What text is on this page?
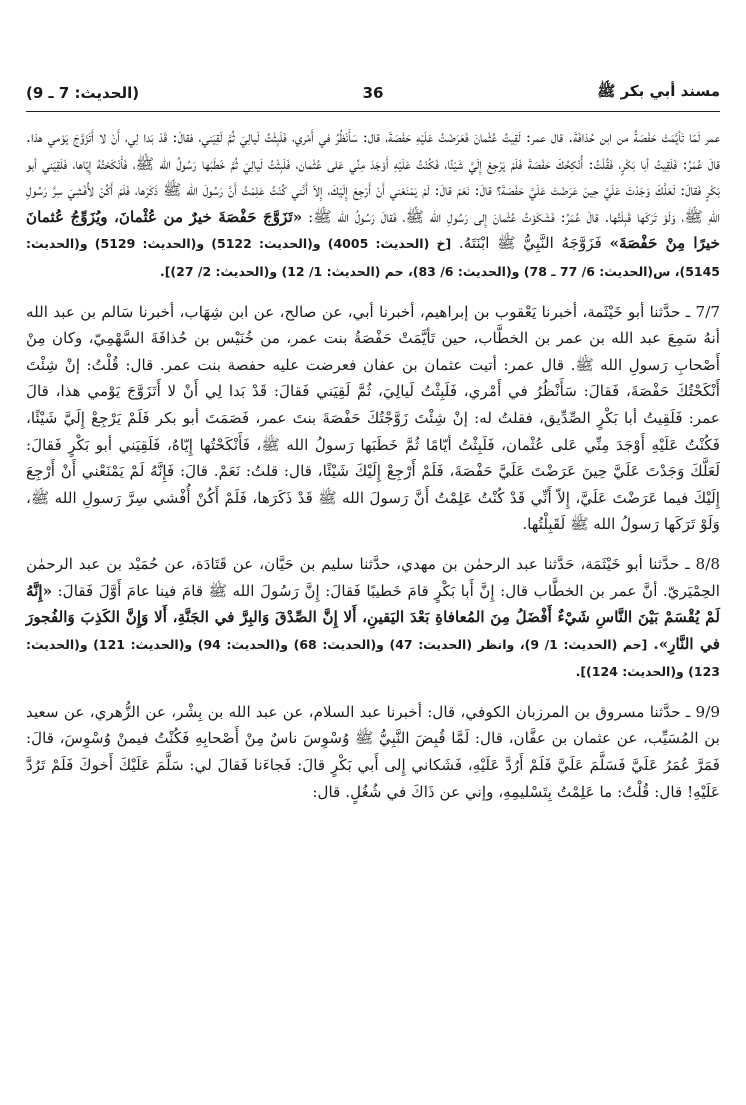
مسند أبي بكر ﷺ
36
(الحديث: 7 ـ 9)

عمر لَمّا تَأيَّمَتْ حَفْصَةُ من ابن حُذافَةَ. قال عمر: لَقِيتُ عُثْمانَ فَعَرَضْتُ عَلَيْهِ حَفْصَةَ، قال: سَأَنْظُرُ في أَمْري، فَلَبِثْتُ لَيالِيَ ثُمَّ لَقِيَني، فقالَ: قَدْ بَدا لِي، أَنْ لا أَتَزَوَّجَ يَوْمي هذا. قالَ عُمَرُ: فَلَقِيتُ أبا بَكْرٍ، فَقُلْتُ: أُنْكِحُكَ حَفْصَةَ فَلَمْ يَرْجِعْ إِلَيَّ شَيْئًا، فَكُنْتُ عَلَيْهِ أَوْجَدَ مِنِّي عَلى عُثْمان، فَلَبِثْتُ لَيالِيَ ثُمَّ خَطَبَها رَسُولُ الله ﷺ، فَأَنْكَحْتُهُ إِيّاها، فَلَقِيَني أبو بَكْرٍ فَقالَ: لَعَلَّكَ وَجَدْتَ عَلَيَّ حِينَ عَرَضْتَ عَلَيَّ حَفْصَةَ؟ قالَ: نَعَمْ قالَ: لَمْ يَمْنَعْني أَنْ أَرْجِعَ إِلَيْكَ، إِلاّ أَنَّني كُنْتُ عَلِمْتُ أَنَّ رَسُولَ الله ﷺ ذَكَرَها، فَلَمْ أَكُنْ لأُفْشِيَ سِرَّ رَسُولِ اللهِ ﷺ، وَلَوْ تَرَكَها قَبِلْتُها. قالَ عُمَرُ: فَشَكَوْتُ عُثْمانَ إِلى رَسُولِ الله ﷺ، فَقالَ رَسُولُ الله ﷺ: «تَزَوَّجَ حَفْصَةَ خيرٌ من عُثْمانَ، ويُزَوِّجُ عُثمانَ خيرًا مِنْ حَفْصَةَ» فَزَوَّجَهُ النَّبِيُّ ﷺ ابْنَتَهُ. [خ (الحديث: 4005) و(الحديث: 5122) و(الحديث: 5129) و(الحديث: 5145)، س(الحديث: 6/ 77 ـ 78) و(الحديث: 6/ 83)، حم (الحديث: 1/ 12) و(الحديث: 2/ 27)].

7/7 ـ حدَّثنا أبو خَيْثَمة، أخبرنا يَعْقوب بن إبراهيم، أخبرنا أبي، عن صالح، عن ابن شِهَاب، أخبرنا سَالم بن عبد الله أنهُ سَمِعَ عبد الله بن عمر بن الخطَّاب، حين تَأيَّمَتْ حَفْصَةُ بنت عمر، من خُنَيْس بن حُذافَةَ السَّهْمِيّ، وكان مِنْ أَصْحابِ رَسولِ الله ﷺ. قال عمر: أتيت عثمان بن عفان فعرضت عليه حفصة بنت عمر. قال: قُلْتُ: إنْ شِئْتَ أَنْكَحْتُكَ حَفْصَةَ، فَقالَ: سَأَنْظُرُ في أَمْري، فَلَبِثْتُ لَيالِيَ، ثُمَّ لَقِيَني فَقالَ: قَدْ بَدا لِي أَنْ لا أَتَزَوَّجَ يَوْمي هذا، قالَ عمر: فَلَقِيتُ أبا بَكْرٍ الصِّدِّيق، فقلتُ له: إنْ شِئْتَ زَوَّجْتُكَ حَفْصَةَ بنتَ عمر، فَصَمَتَ أبو بكر فَلَمْ يَرْجِعْ إِلَيَّ شَيْئًا، فَكُنْتُ عَلَيْهِ أَوْجَدَ مِنِّي عَلى عُثْمان، فَلَبِثْتُ أيّامًا ثُمَّ خَطَبَها رَسولُ الله ﷺ، فَأَنْكَحْتُها إِيّاهُ، فَلَقِيَني أبو بَكْرٍ فَقالَ: لَعَلَّكَ وَجَدْتَ عَلَيَّ حِينَ عَرَضْتَ عَلَيَّ حَفْصَةَ، فَلَمْ أَرْجِعْ إِلَيْكَ شَيْئًا، قال: قلتُ: نَعَمْ. قالَ: فَإِنَّهُ لَمْ يَمْنَعْني أَنْ أَرْجِعَ إِلَيْكَ فيما عَرَضْتَ عَلَيَّ، إِلاّ أَنِّي قَدْ كُنْتُ عَلِمْتُ أَنَّ رَسولَ الله ﷺ قَدْ ذَكَرَها، فَلَمْ أَكُنْ أُفْشي سِرَّ رَسولِ الله ﷺ، وَلَوْ تَرَكَها رَسولُ الله ﷺ لَقَبِلْتُها.

8/8 ـ حدَّثنا أبو خَيْثَمَة، حَدَّثنا عبد الرحمٰن بن مهدي، حدَّثنا سليم بن حَيَّان، عن قَتَادَة، عن حُمَيْد بن عبد الرحمٰن الحِمْيَريّ. أنَّ عمر بن الخطَّاب قال: إِنَّ أَبا بَكْرٍ قامَ خَطيبًا فَقالَ: إِنَّ رَسُولَ الله ﷺ قامَ فينا عامَ أَوَّلَ فَقالَ: «إِنَّهُ لَمْ يُقْسَمْ بَيْنَ النَّاسِ شَيْءٌ أَفْضَلُ مِنَ المُعافاةِ بَعْدَ اليَقينِ، أَلا إِنَّ الصِّدْقَ وَالبِرَّ في الجَنَّةِ، أَلا وَإِنَّ الكَذِبَ وَالفُجورَ في النَّارِ». [حم (الحديث: 1/ 9)، وانظر (الحديث: 47) و(الحديث: 68) و(الحديث: 94) و(الحديث: 121) و(الحديث: 123) و(الحديث: 124)].

9/9 ـ حدَّثنا مسروق بن المرزبان الكوفي، قال: أخبرنا عبد السلام، عن عبد الله بن بِشْر، عن الزُّهري، عن سعيد بن المُسَيِّب، عن عثمان بن عفَّان، قال: لَمَّا قُبِضَ النَّبِيُّ ﷺ وُسْوِسَ ناسٌ مِنْ أَصْحابِهِ فَكُنْتُ فيمنْ وُسْوِسَ، قالَ: فَمَرَّ عُمَرُ عَلَيَّ فَسَلَّمَ عَلَيَّ فَلَمْ أَرُدَّ عَلَيْهِ، فَشَكاني إِلى أَبي بَكْرٍ قالَ: فَجاءَنا فَقالَ لي: سَلَّمَ عَلَيْكَ أَخوكَ فَلَمْ تَرُدَّ عَلَيْهِ! قال: قُلْتُ: ما عَلِمْتُ بِتَسْليمِهِ، وإني عن ذَاكَ في شُغُلٍ. قال:
